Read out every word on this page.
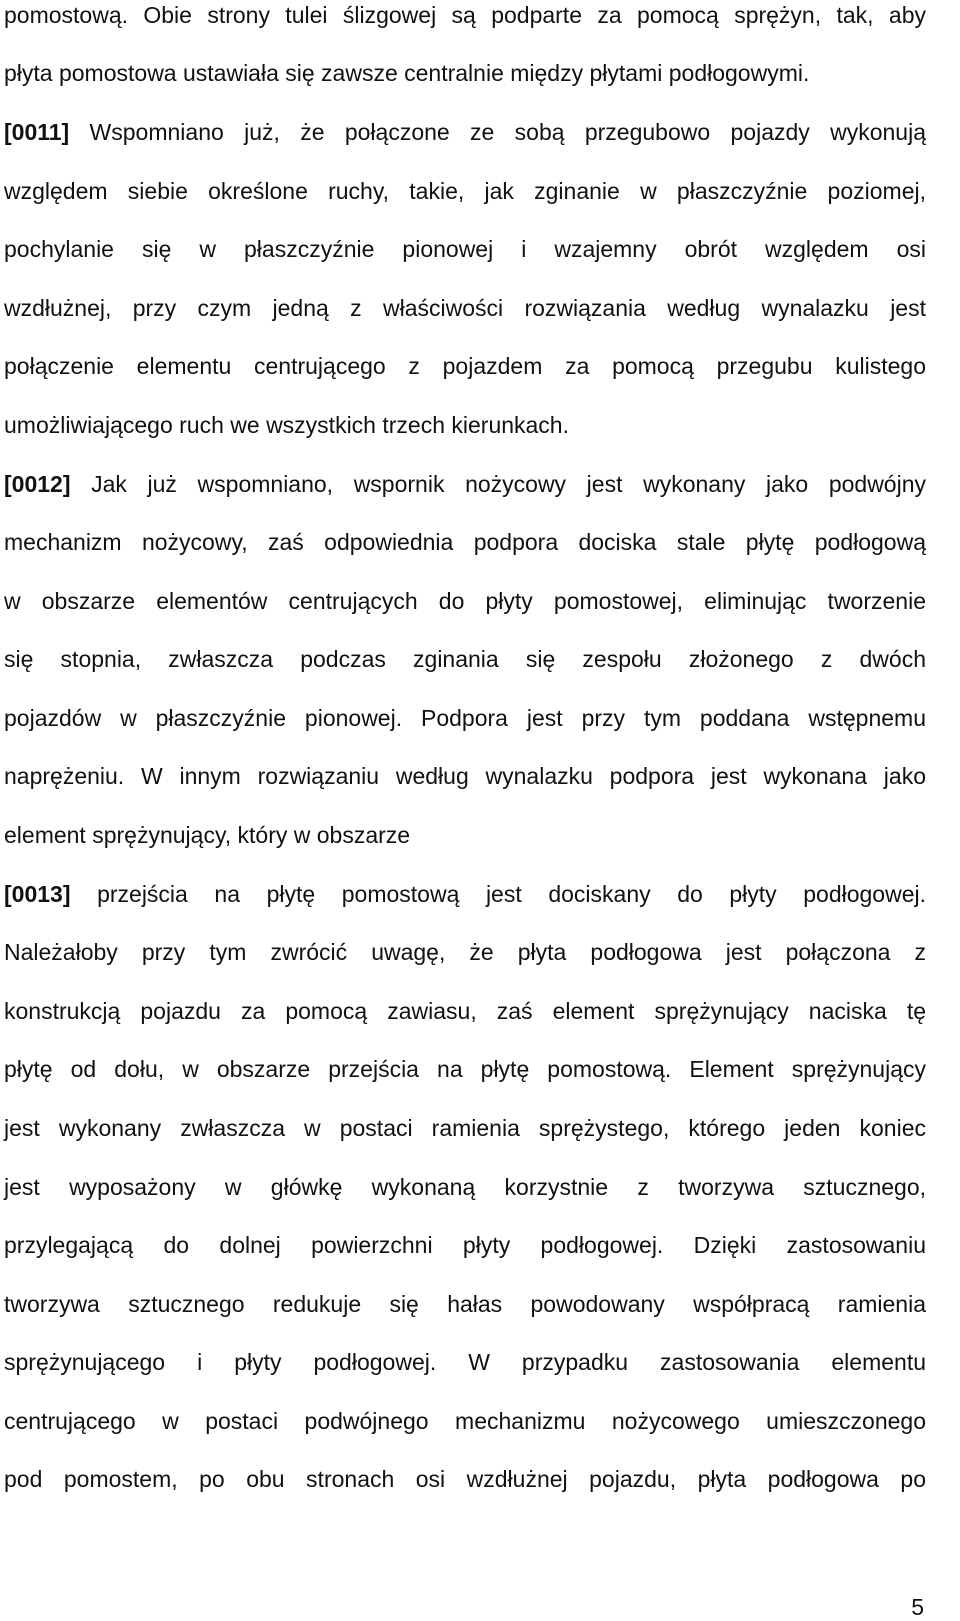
pomostową. Obie strony tulei ślizgowej są podparte za pomocą sprężyn, tak, aby
płyta pomostowa ustawiała się zawsze centralnie między płytami podłogowymi.
[0011] Wspomniano już, że połączone ze sobą przegubowo pojazdy wykonują
względem siebie określone ruchy, takie, jak zginanie w płaszczyźnie poziomej,
pochylanie się w płaszczyźnie pionowej i wzajemny obrót względem osi
wzdłużnej, przy czym jedną z właściwości rozwiązania według wynalazku jest
połączenie elementu centrującego z pojazdem za pomocą przegubu kulistego
umożliwiającego ruch we wszystkich trzech kierunkach.
[0012] Jak już wspomniano, wspornik nożycowy jest wykonany jako podwójny
mechanizm nożycowy, zaś odpowiednia podpora dociska stale płytę podłogową
w obszarze elementów centrujących do płyty pomostowej, eliminując tworzenie
się stopnia, zwłaszcza podczas zginania się zespołu złożonego z dwóch
pojazdów w płaszczyźnie pionowej. Podpora jest przy tym poddana wstępnemu
naprężeniu. W innym rozwiązaniu według wynalazku podpora jest wykonana jako
element sprężynujący, który w obszarze
[0013] przejścia na płytę pomostową jest dociskany do płyty podłogowej.
Należałoby przy tym zwrócić uwagę, że płyta podłogowa jest połączona z
konstrukcją pojazdu za pomocą zawiasu, zaś element sprężynujący naciska tę
płytę od dołu, w obszarze przejścia na płytę pomostową. Element sprężynujący
jest wykonany zwłaszcza w postaci ramienia sprężystego, którego jeden koniec
jest wyposażony w główkę wykonaną korzystnie z tworzywa sztucznego,
przylegającą do dolnej powierzchni płyty podłogowej. Dzięki zastosowaniu
tworzywa sztucznego redukuje się hałas powodowany współpracą ramienia
sprężynującego i płyty podłogowej. W przypadku zastosowania elementu
centrującego w postaci podwójnego mechanizmu nożycowego umieszczonego
pod pomostem, po obu stronach osi wzdłużnej pojazdu, płyta podłogowa po
5
